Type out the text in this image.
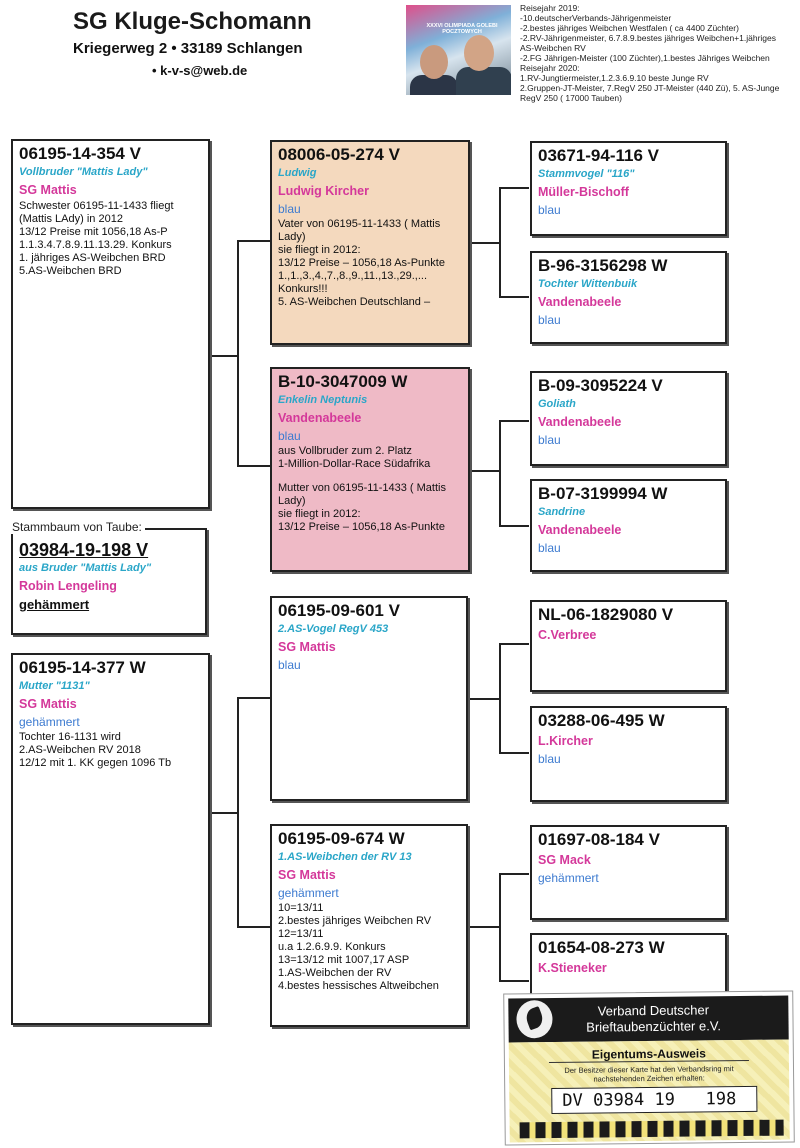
SG Kluge-Schomann
Kriegerweg 2 • 33189 Schlangen
• k-v-s@web.de
XXXVI OLIMPIADA GOLEBI POCZTOWYCH
Reisejahr 2019:
-10.deutscherVerbands-Jährigenmeister
-2.bestes jähriges Weibchen Westfalen ( ca 4400 Züchter)
-2.RV-Jährigenmeister, 6.7.8.9.bestes jähriges Weibchen+1.jähriges AS-Weibchen RV
-2.FG Jährigen-Meister (100 Züchter),1.bestes Jähriges Weibchen
Reisejahr 2020:
1.RV-Jungtiermeister,1.2.3.6.9.10 beste Junge RV
2.Gruppen-JT-Meister, 7.RegV 250 JT-Meister (440 Zü), 5. AS-Junge RegV 250 ( 17000 Tauben)
06195-14-354 V
Vollbruder "Mattis Lady"
SG Mattis
Schwester 06195-11-1433 fliegt (Mattis LAdy) in 2012
13/12 Preise mit 1056,18 As-P
1.1.3.4.7.8.9.11.13.29. Konkurs
1. jähriges AS-Weibchen BRD
5.AS-Weibchen BRD
03984-19-198 V
aus Bruder "Mattis Lady"
Robin Lengeling
gehämmert
Stammbaum von Taube:
06195-14-377 W
Mutter "1131"
SG Mattis
gehämmert
Tochter 16-1131 wird
2.AS-Weibchen RV 2018
12/12 mit 1. KK gegen 1096 Tb
08006-05-274 V
Ludwig
Ludwig Kircher
blau
Vater von 06195-11-1433 ( Mattis Lady)
sie fliegt in 2012:
13/12 Preise – 1056,18 As-Punkte
1.,1.,3.,4.,7.,8.,9.,11.,13.,29.,... Konkurs!!!
5. AS-Weibchen Deutschland –
B-10-3047009 W
Enkelin Neptunis
Vandenabeele
blau
aus Vollbruder zum 2. Platz
1-Million-Dollar-Race Südafrika
Mutter von 06195-11-1433 ( Mattis Lady)
sie fliegt in 2012:
13/12 Preise – 1056,18 As-Punkte
06195-09-601 V
2.AS-Vogel RegV 453
SG Mattis
blau
06195-09-674 W
1.AS-Weibchen der RV 13
SG Mattis
gehämmert
10=13/11
2.bestes jähriges Weibchen RV
12=13/11
u.a 1.2.6.9.9. Konkurs
13=13/12 mit 1007,17 ASP
1.AS-Weibchen der RV
4.bestes hessisches Altweibchen
03671-94-116 V
Stammvogel "116"
Müller-Bischoff
blau
B-96-3156298 W
Tochter Wittenbuik
Vandenabeele
blau
B-09-3095224 V
Goliath
Vandenabeele
blau
B-07-3199994 W
Sandrine
Vandenabeele
blau
NL-06-1829080 V
C.Verbree
03288-06-495 W
L.Kircher
blau
01697-08-184 V
SG Mack
gehämmert
01654-08-273 W
K.Stieneker
Verband Deutscher Brieftaubenzüchter e.V.
Eigentums-Ausweis
Der Besitzer dieser Karte hat den Verbandsring mit nachstehenden Zeichen erhalten:
DV 03984 19   198
